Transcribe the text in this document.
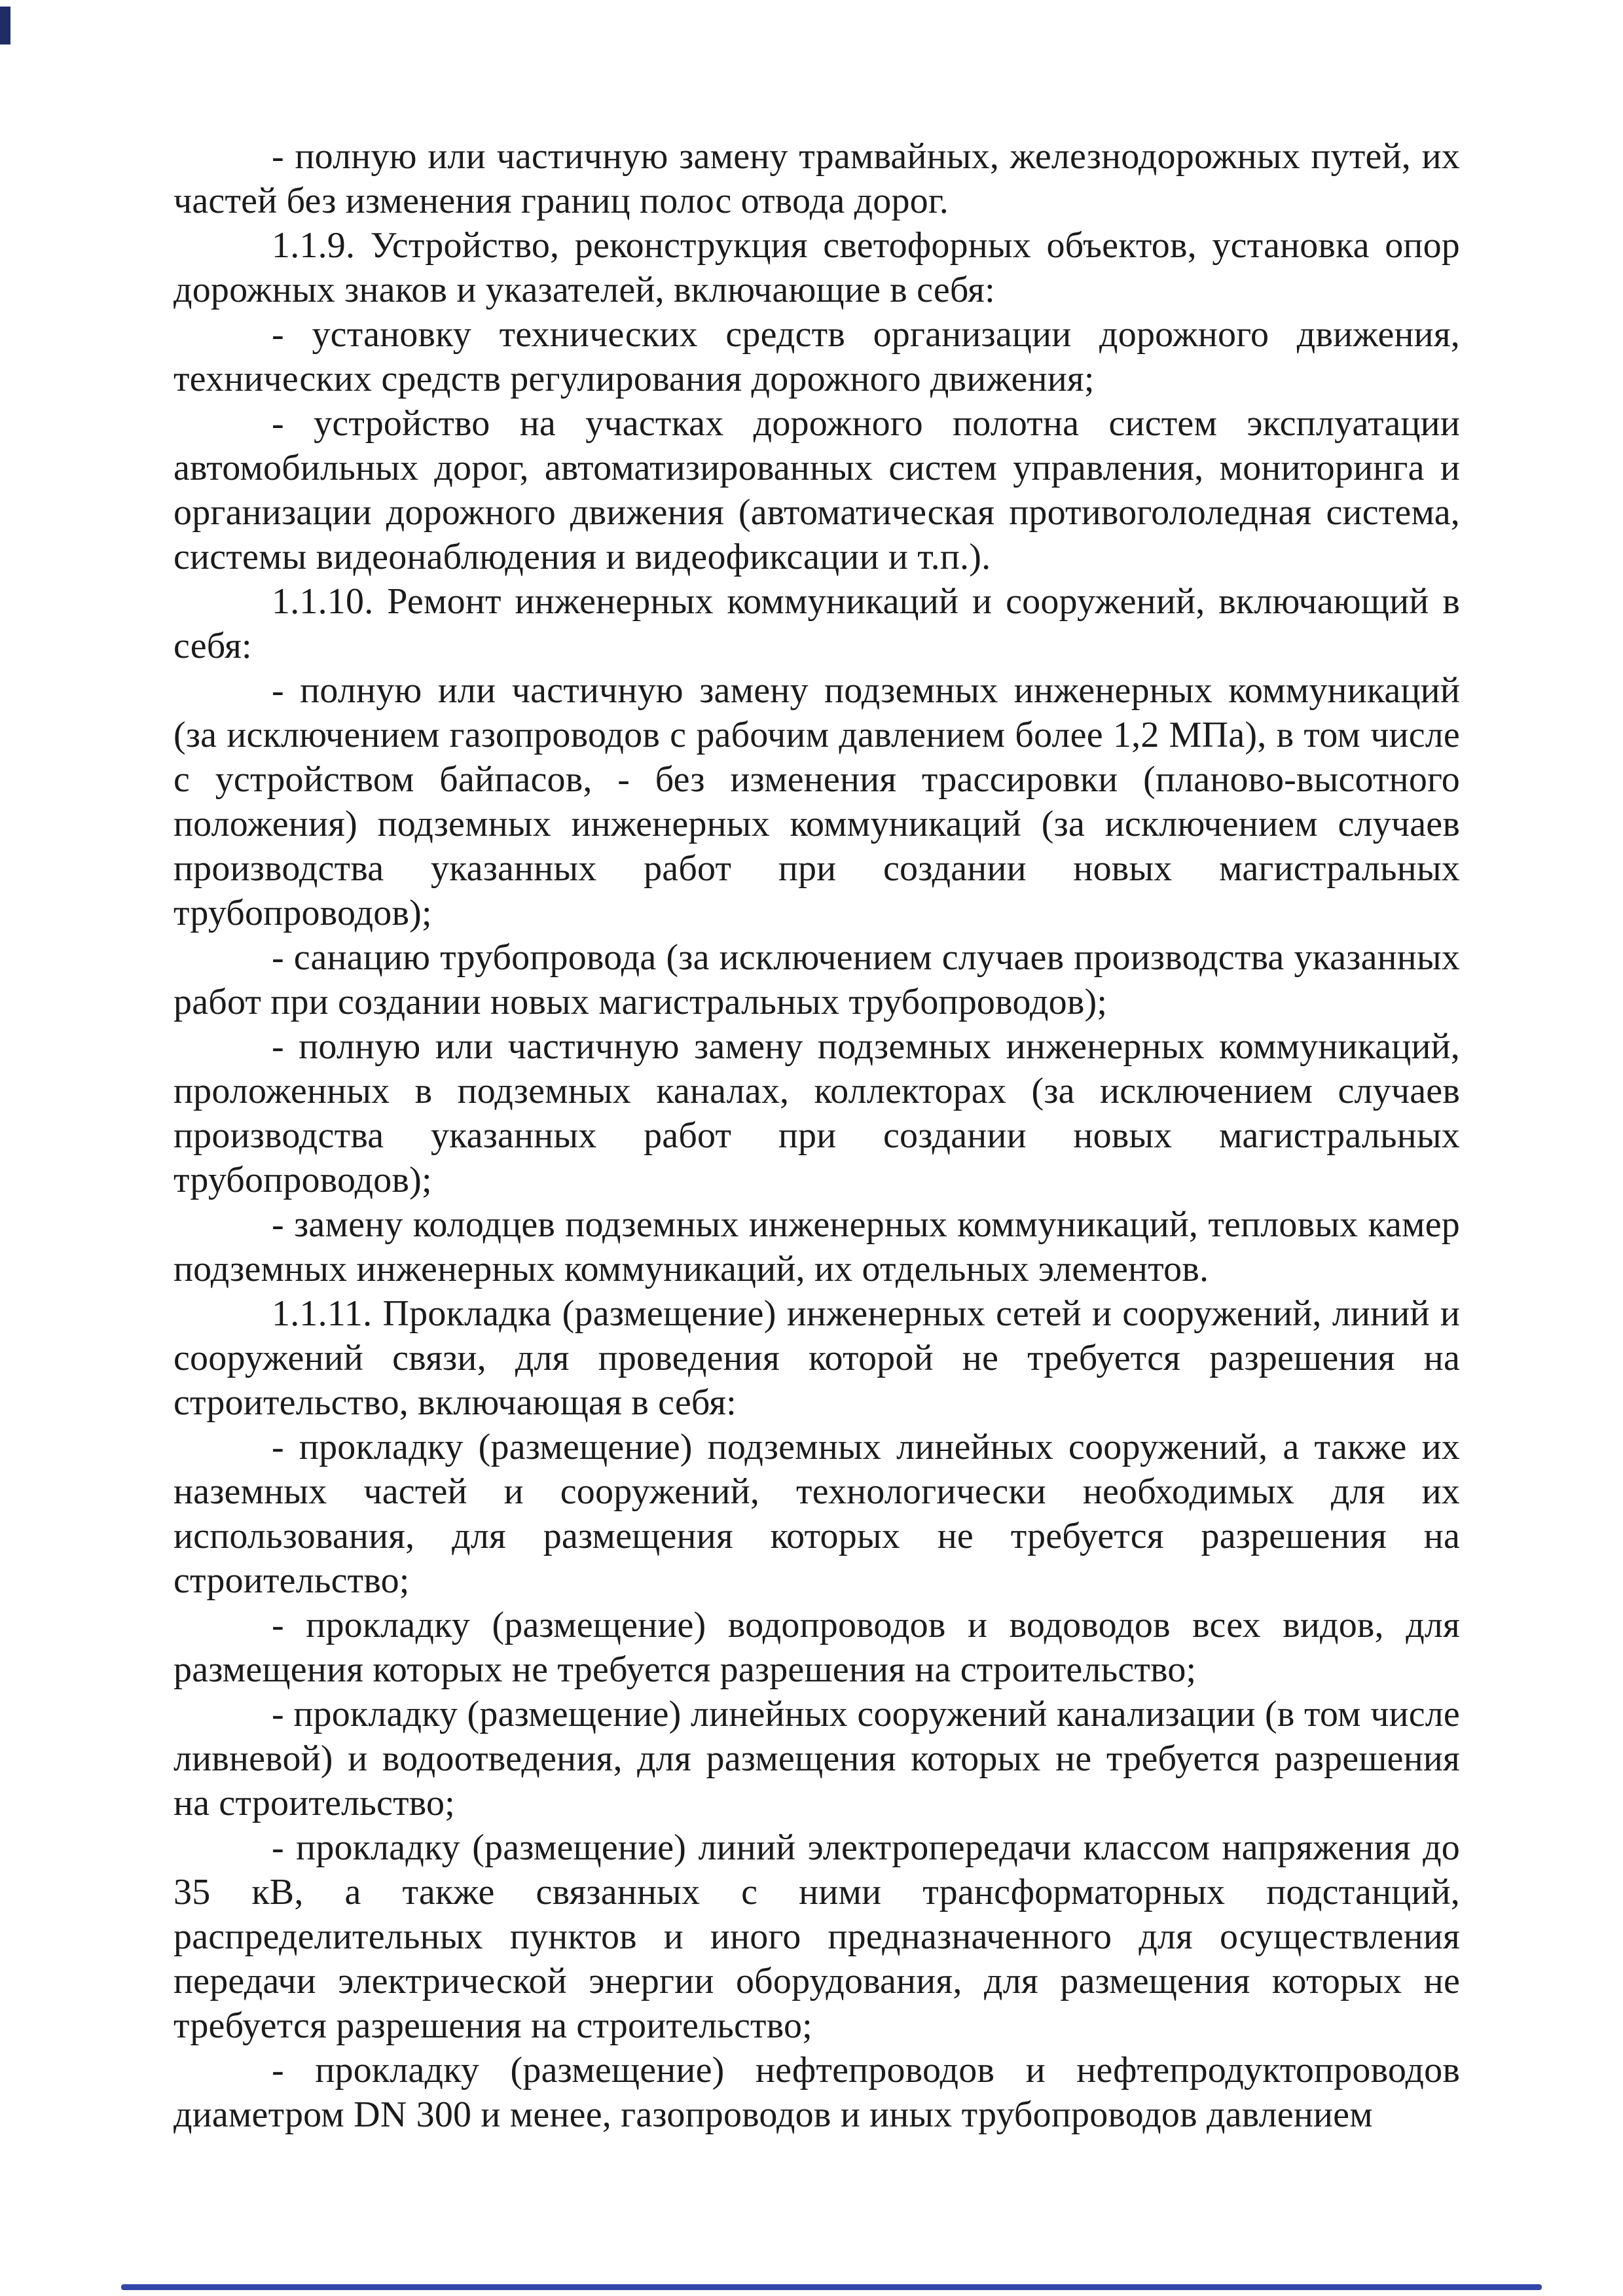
- полную или частичную замену трамвайных, железнодорожных путей, их частей без изменения границ полос отвода дорог.

1.1.9. Устройство, реконструкция светофорных объектов, установка опор дорожных знаков и указателей, включающие в себя:

- установку технических средств организации дорожного движения, технических средств регулирования дорожного движения;

- устройство на участках дорожного полотна систем эксплуатации автомобильных дорог, автоматизированных систем управления, мониторинга и организации дорожного движения (автоматическая противогололедная система, системы видеонаблюдения и видеофиксации и т.п.).

1.1.10. Ремонт инженерных коммуникаций и сооружений, включающий в себя:

- полную или частичную замену подземных инженерных коммуникаций (за исключением газопроводов с рабочим давлением более 1,2 МПа), в том числе с устройством байпасов, - без изменения трассировки (планово-высотного положения) подземных инженерных коммуникаций (за исключением случаев производства указанных работ при создании новых магистральных трубопроводов);

- санацию трубопровода (за исключением случаев производства указанных работ при создании новых магистральных трубопроводов);

- полную или частичную замену подземных инженерных коммуникаций, проложенных в подземных каналах, коллекторах (за исключением случаев производства указанных работ при создании новых магистральных трубопроводов);

- замену колодцев подземных инженерных коммуникаций, тепловых камер подземных инженерных коммуникаций, их отдельных элементов.

1.1.11. Прокладка (размещение) инженерных сетей и сооружений, линий и сооружений связи, для проведения которой не требуется разрешения на строительство, включающая в себя:

- прокладку (размещение) подземных линейных сооружений, а также их наземных частей и сооружений, технологически необходимых для их использования, для размещения которых не требуется разрешения на строительство;

- прокладку (размещение) водопроводов и водоводов всех видов, для размещения которых не требуется разрешения на строительство;

- прокладку (размещение) линейных сооружений канализации (в том числе ливневой) и водоотведения, для размещения которых не требуется разрешения на строительство;

- прокладку (размещение) линий электропередачи классом напряжения до 35 кВ, а также связанных с ними трансформаторных подстанций, распределительных пунктов и иного предназначенного для осуществления передачи электрической энергии оборудования, для размещения которых не требуется разрешения на строительство;

- прокладку (размещение) нефтепроводов и нефтепродуктопроводов диаметром DN 300 и менее, газопроводов и иных трубопроводов давлением
